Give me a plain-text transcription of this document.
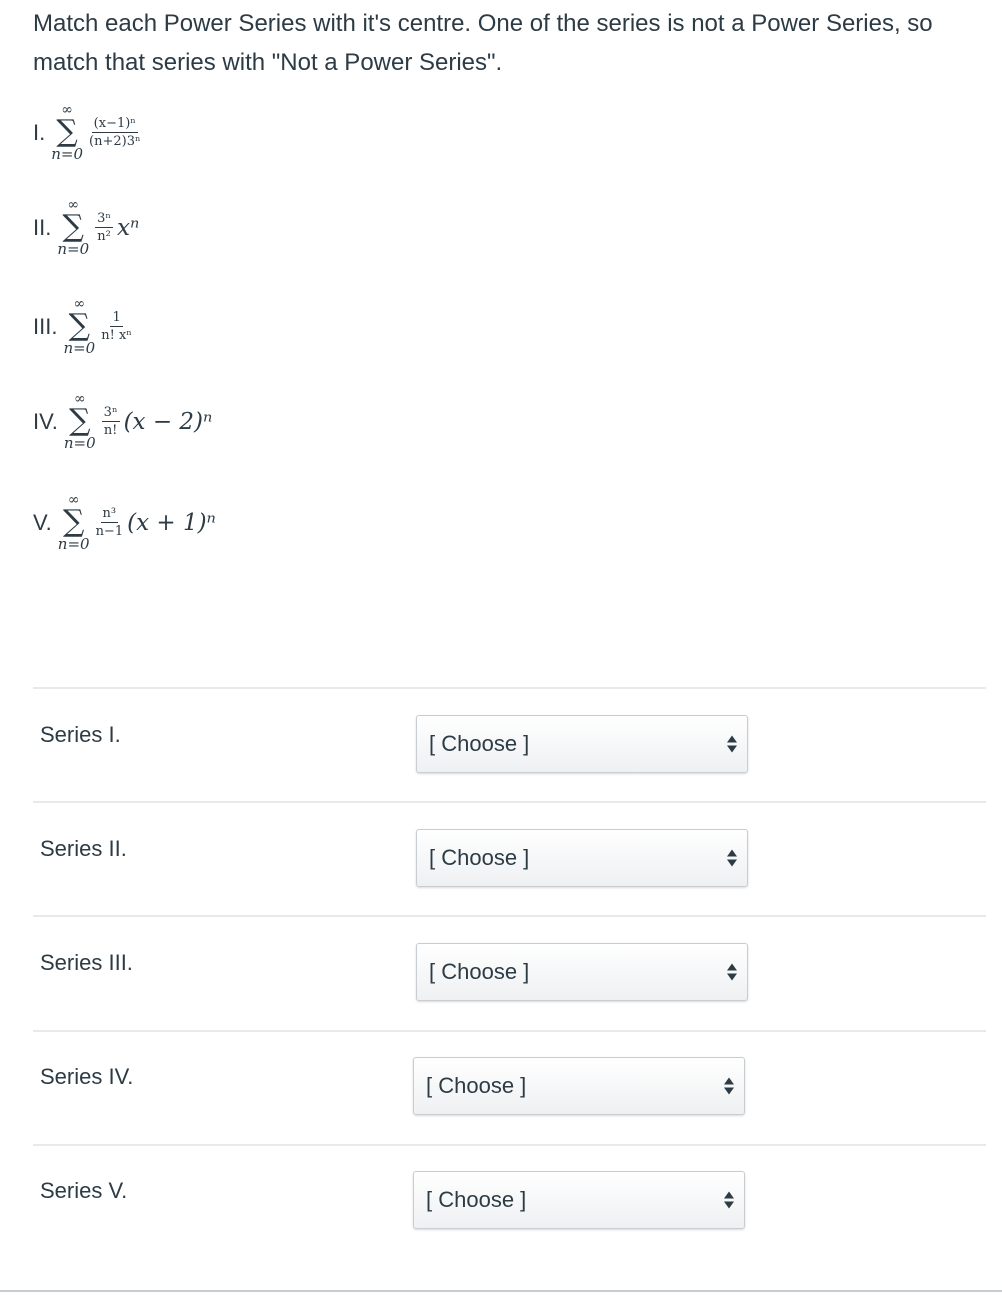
Match each Power Series with it's centre. One of the series is not a Power Series, so match that series with "Not a Power Series".
I.
∞
∑
n=0
$\frac{\text{(x−1)ⁿ}}{\text{(n+2)3ⁿ}}$
II.
∞
∑
n=0
$\frac{\text{3ⁿ}}{\text{n²}}$ xⁿ
III.
∞
∑
n=0
$\frac{1}{\text{n! xⁿ}}$
IV.
∞
∑
n=0
$\frac{\text{3ⁿ}}{n!} (x - 2)^n$
V.
∞
∑
n=0
$\frac{\text{n³}}{n-1} (x + 1)^n$
Series I.	[ Choose ]
Series II.	[ Choose ]
Series III.	[ Choose ]
Series IV.	[ Choose ]
Series V.	[ Choose ]
